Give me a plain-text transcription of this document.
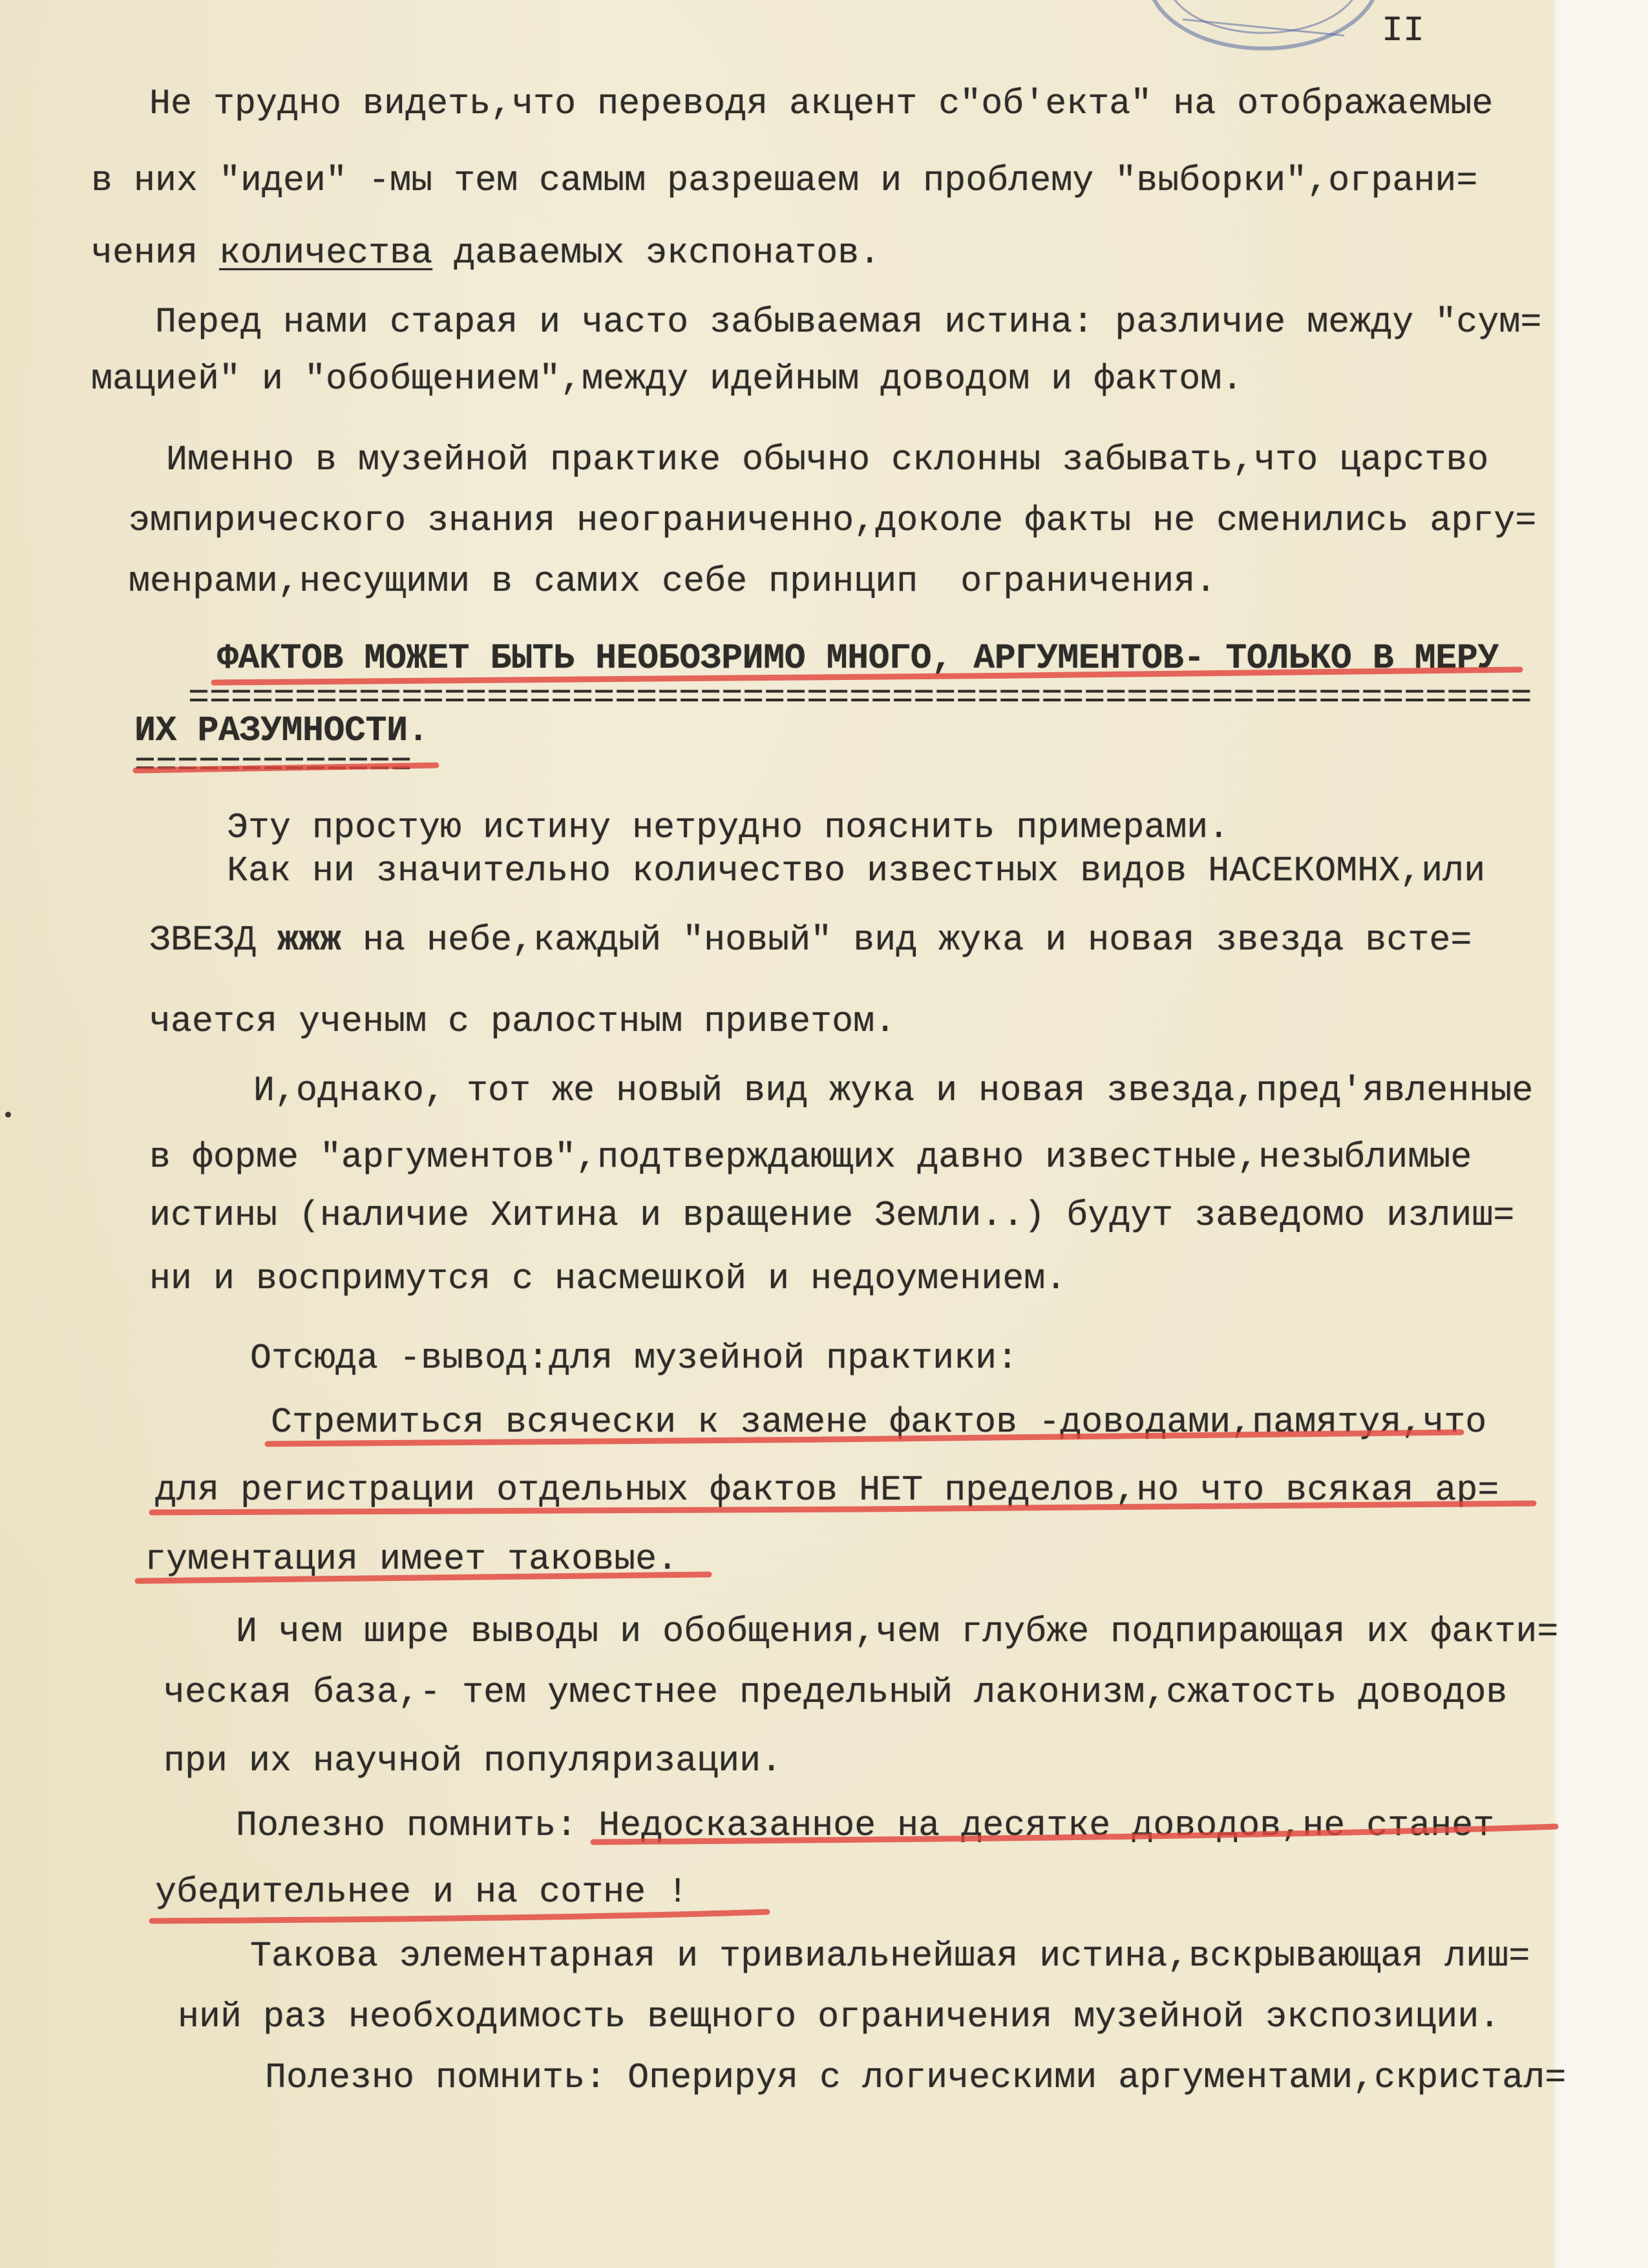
II
Не трудно видеть,что переводя акцент с"об'екта" на отображаемые
в них "идеи" -мы тем самым разрешаем и проблему "выборки",ограни=
чения количества даваемых экспонатов.
Перед нами старая и часто забываемая истина: различие между "сум=
мацией" и "обобщением",между идейным доводом и фактом.
Именно в музейной практике обычно склонны забывать,что царство
эмпирического знания неограниченно,доколе факты не сменились аргу=
менрами,несущими в самих себе принцип  ограничения.
ФАКТОВ МОЖЕТ БЫТЬ НЕОБОЗРИМО МНОГО, АРГУМЕНТОВ- ТОЛЬКО В МЕРУ
===============================================================
ИХ РАЗУМНОСТИ.
=============
Эту простую истину нетрудно пояснить примерами.
Как ни значительно количество известных видов НАСЕКОМНХ,или
ЗВЕЗД жжж на небе,каждый "новый" вид жука и новая звезда всте=
чается ученым с ралостным приветом.
И,однако, тот же новый вид жука и новая звезда,пред'явленные
в форме "аргументов",подтверждающих давно известные,незыблимые
истины (наличие Хитина и вращение Земли..) будут заведомо излиш=
ни и воспримутся с насмешкой и недоумением.
Отсюда -вывод:для музейной практики:
Стремиться всячески к замене фактов -доводами,памятуя,что
для регистрации отдельных фактов НЕТ пределов,но что всякая ар=
гументация имеет таковые.
И чем шире выводы и обобщения,чем глубже подпирающая их факти=
ческая база,- тем уместнее предельный лаконизм,сжатость доводов
при их научной популяризации.
Полезно помнить: Недосказанное на десятке доводов,не станет
убедительнее и на сотне !
Такова элементарная и тривиальнейшая истина,вскрывающая лиш=
ний раз необходимость вещного ограничения музейной экспозиции.
Полезно помнить: Оперируя с логическими аргументами,скристал=
